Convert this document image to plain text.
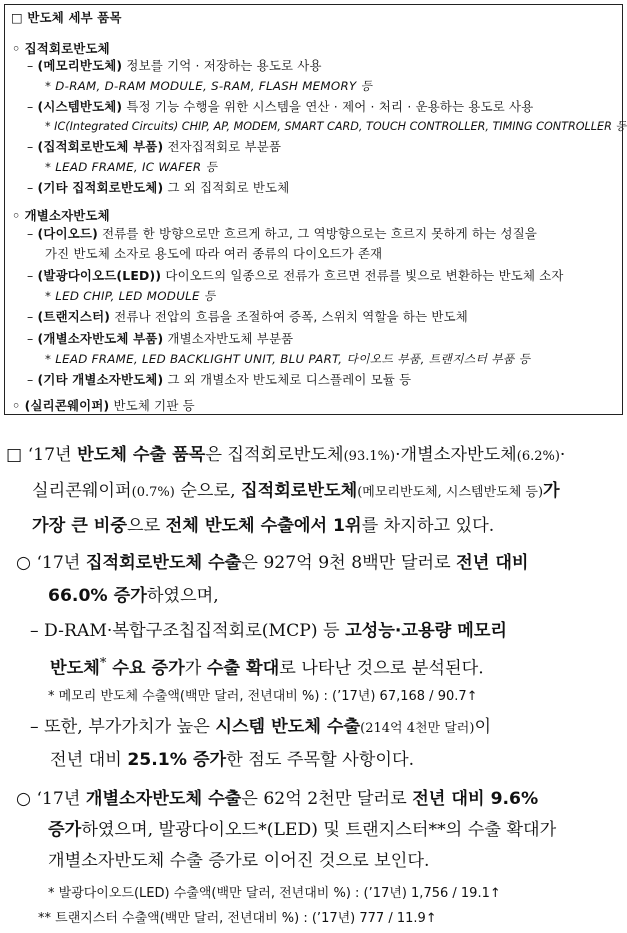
□ 반도체 세부 품목
◦ 집적회로반도체
– (메모리반도체) 정보를 기억 · 저장하는 용도로 사용
* D-RAM, D-RAM MODULE, S-RAM, FLASH MEMORY 등
– (시스템반도체) 특정 기능 수행을 위한 시스템을 연산 · 제어 · 처리 · 운용하는 용도로 사용
* IC(Integrated Circuits) CHIP, AP, MODEM, SMART CARD, TOUCH CONTROLLER, TIMING CONTROLLER 등
– (집적회로반도체 부품) 전자집적회로 부분품
* LEAD FRAME, IC WAFER 등
– (기타 집적회로반도체) 그 외 집적회로 반도체
◦ 개별소자반도체
– (다이오드) 전류를 한 방향으로만 흐르게 하고, 그 역방향으로는 흐르지 못하게 하는 성질을
가진 반도체 소자로 용도에 따라 여러 종류의 다이오드가 존재
– (발광다이오드(LED)) 다이오드의 일종으로 전류가 흐르면 전류를 빛으로 변환하는 반도체 소자
* LED CHIP, LED MODULE 등
– (트랜지스터) 전류나 전압의 흐름을 조절하여 증폭, 스위치 역할을 하는 반도체
– (개별소자반도체 부품) 개별소자반도체 부분품
* LEAD FRAME, LED BACKLIGHT UNIT, BLU PART, 다이오드 부품, 트랜지스터 부품 등
– (기타 개별소자반도체) 그 외 개별소자 반도체로 디스플레이 모듈 등
◦ (실리콘웨이퍼) 반도체 기판 등
□ ‘17년 반도체 수출 품목은 집적회로반도체(93.1%)·개별소자반도체(6.2%)·
실리콘웨이퍼(0.7%) 순으로, 집적회로반도체(메모리반도체, 시스템반도체 등)가
가장 큰 비중으로 전체 반도체 수출에서 1위를 차지하고 있다.
○ ‘17년 집적회로반도체 수출은 927억 9천 8백만 달러로 전년 대비
66.0% 증가하였으며,
– D-RAM·복합구조칩집적회로(MCP) 등 고성능·고용량 메모리
반도체* 수요 증가가 수출 확대로 나타난 것으로 분석된다.
* 메모리 반도체 수출액(백만 달러, 전년대비 %) : (’17년) 67,168 / 90.7↑
– 또한, 부가가치가 높은 시스템 반도체 수출(214억 4천만 달러)이
전년 대비 25.1% 증가한 점도 주목할 사항이다.
○ ‘17년 개별소자반도체 수출은 62억 2천만 달러로 전년 대비 9.6%
증가하였으며, 발광다이오드*(LED) 및 트랜지스터**의 수출 확대가
개별소자반도체 수출 증가로 이어진 것으로 보인다.
* 발광다이오드(LED) 수출액(백만 달러, 전년대비 %) : (’17년) 1,756 / 19.1↑
** 트랜지스터 수출액(백만 달러, 전년대비 %) : (’17년) 777 / 11.9↑
